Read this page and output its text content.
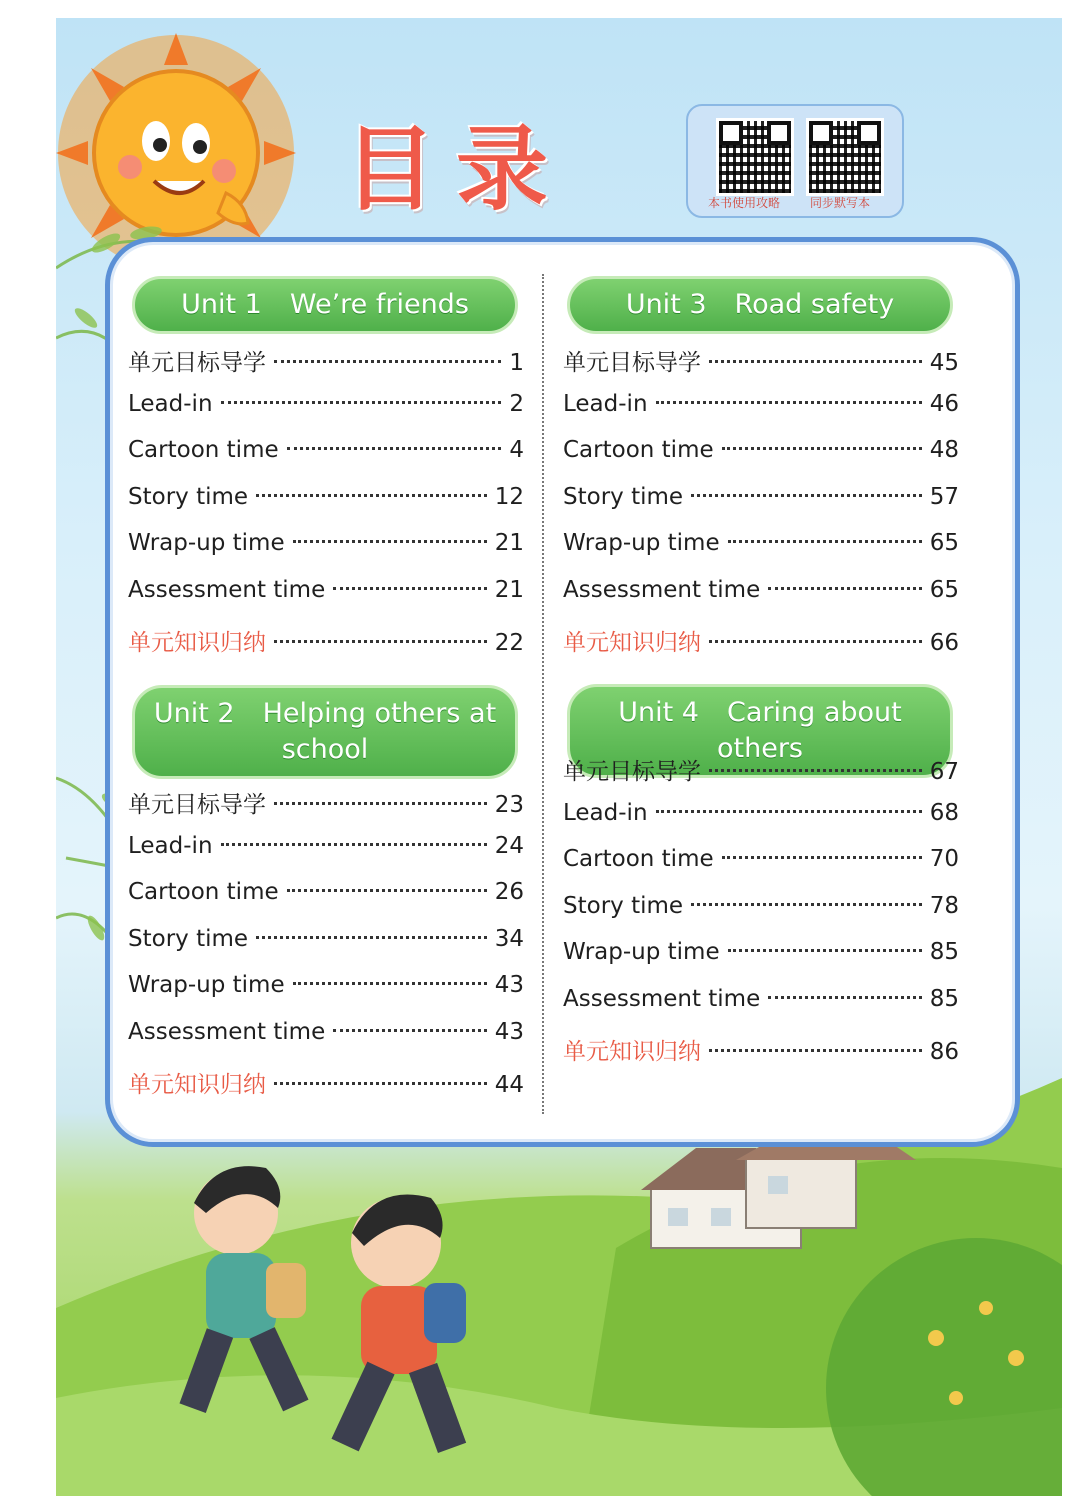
目录	本书使用攻略 同步默写本
Unit 1 We’re friends
单元目标导学	1
Lead-in	2
Cartoon time	4
Story time	12
Wrap-up time	21
Assessment time	21
单元知识归纳	22
Unit 2 Helping others at school
单元目标导学	23
Lead-in	24
Cartoon time	26
Story time	34
Wrap-up time	43
Assessment time	43
单元知识归纳	44
Unit 3 Road safety
单元目标导学	45
Lead-in	46
Cartoon time	48
Story time	57
Wrap-up time	65
Assessment time	65
单元知识归纳	66
Unit 4 Caring about others
单元目标导学	67
Lead-in	68
Cartoon time	70
Story time	78
Wrap-up time	85
Assessment time	85
单元知识归纳	86
